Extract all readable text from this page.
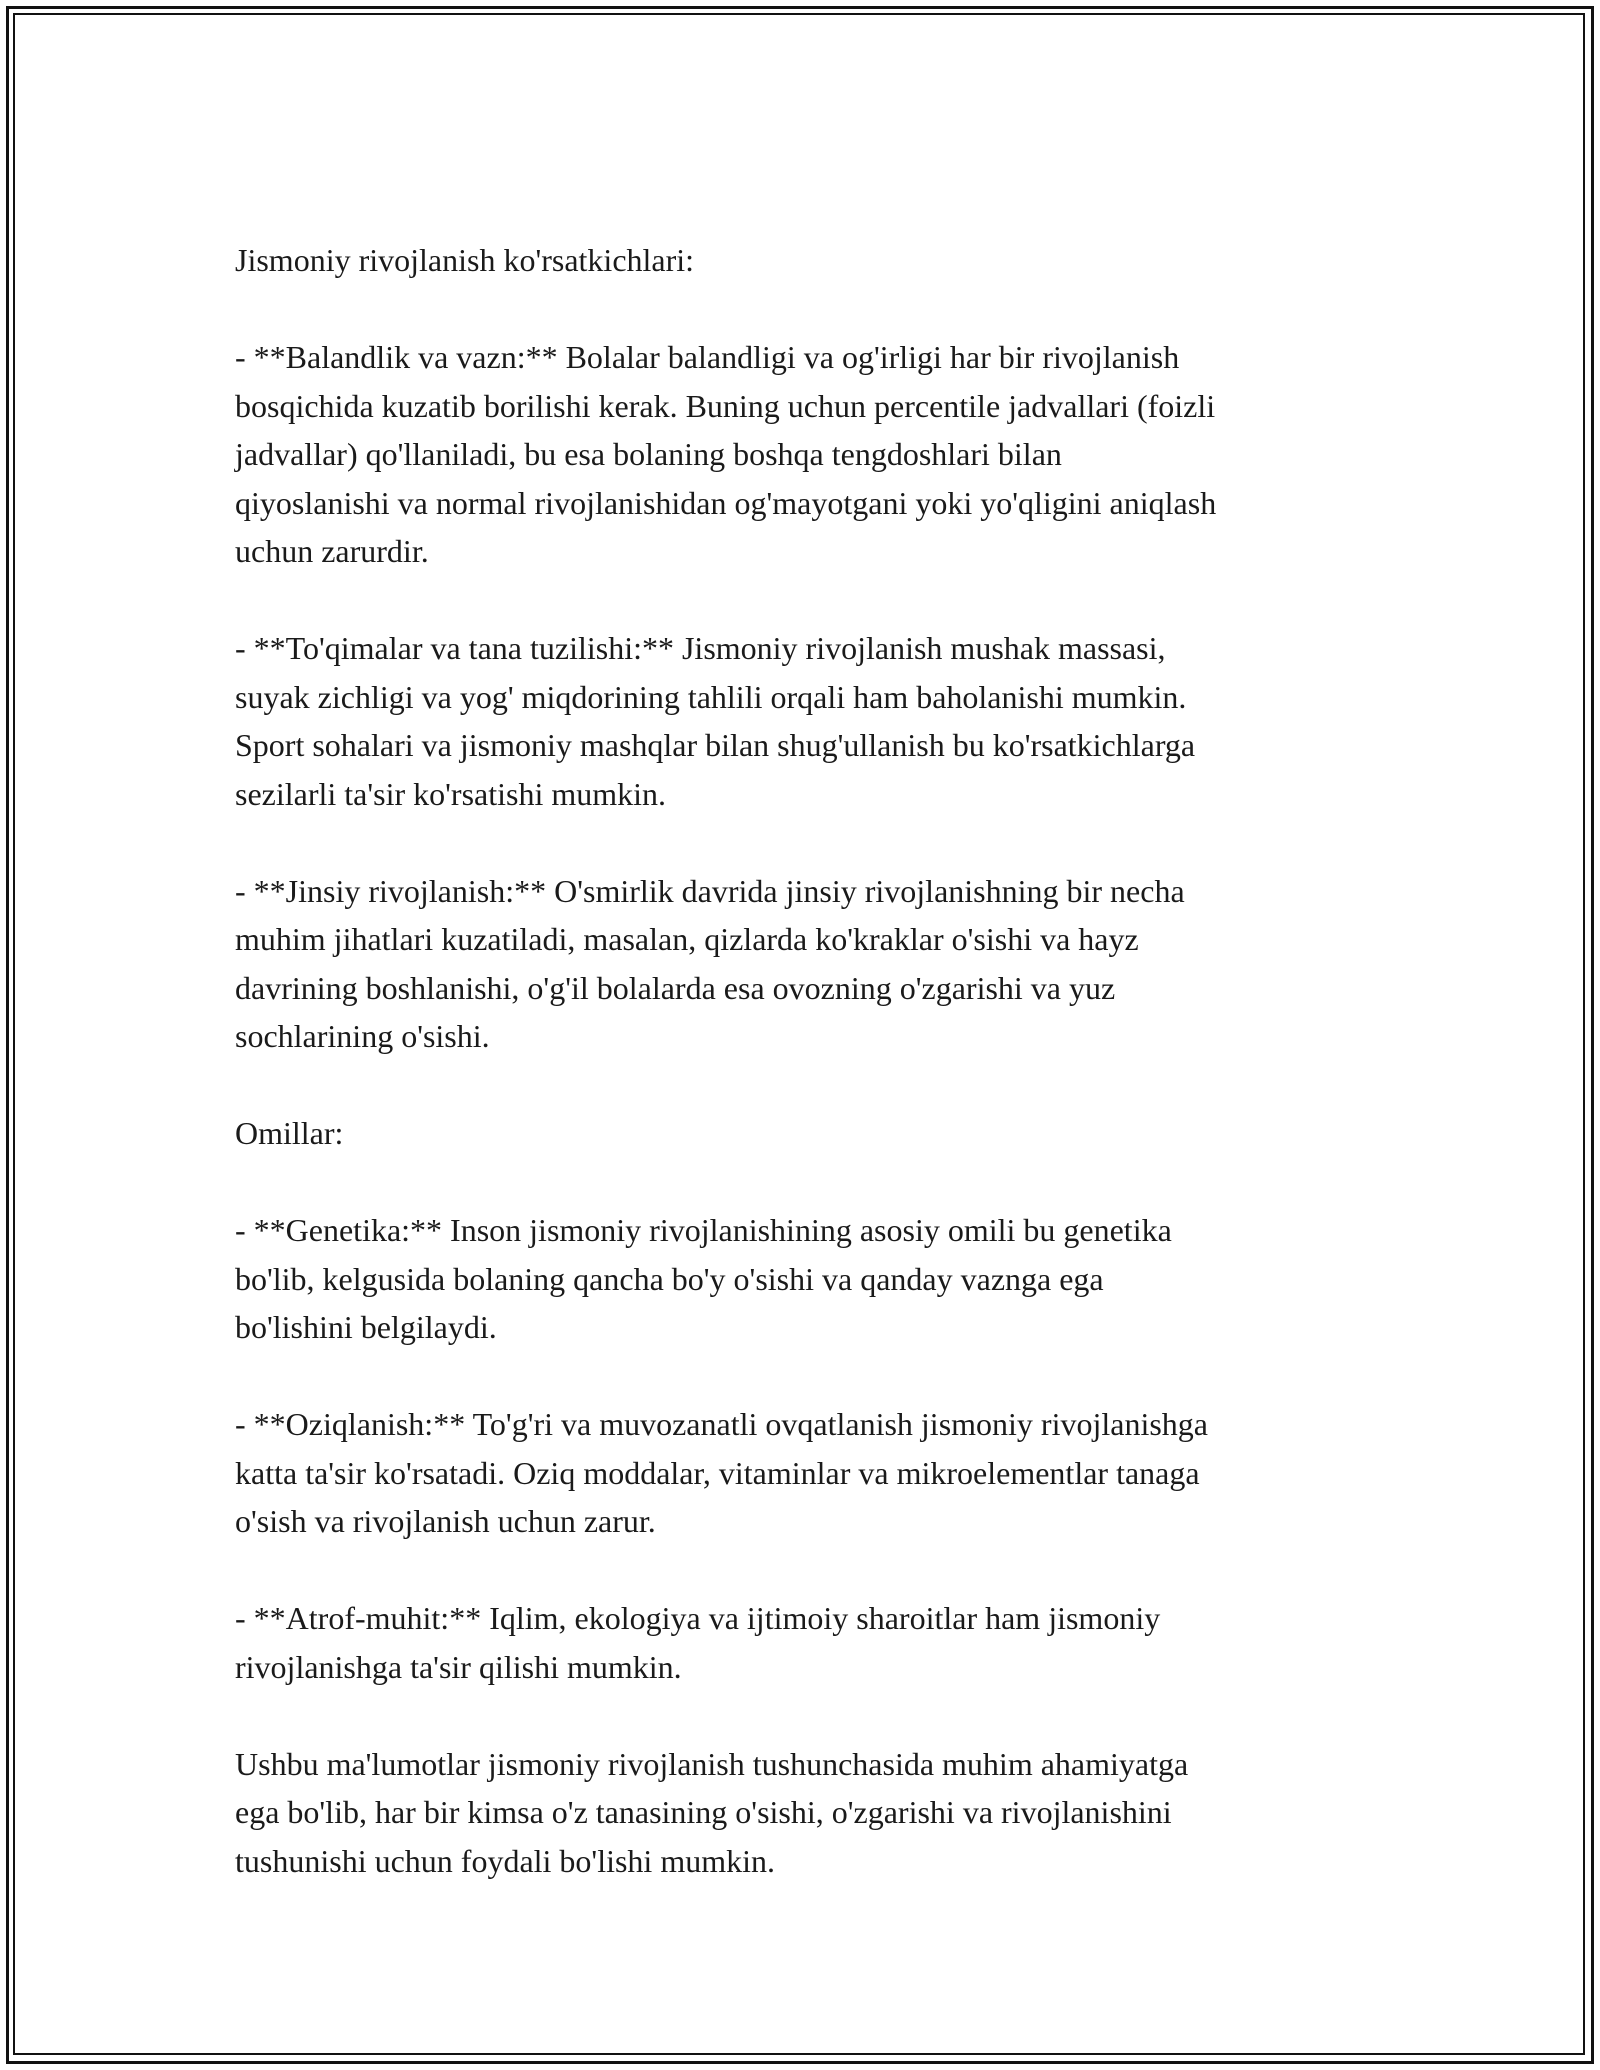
Jismoniy rivojlanish ko'rsatkichlari:

- **Balandlik va vazn:** Bolalar balandligi va og'irligi har bir rivojlanish
bosqichida kuzatib borilishi kerak. Buning uchun percentile jadvallari (foizli
jadvallar) qo'llaniladi, bu esa bolaning boshqa tengdoshlari bilan
qiyoslanishi va normal rivojlanishidan og'mayotgani yoki yo'qligini aniqlash
uchun zarurdir.

- **To'qimalar va tana tuzilishi:** Jismoniy rivojlanish mushak massasi,
suyak zichligi va yog' miqdorining tahlili orqali ham baholanishi mumkin.
Sport sohalari va jismoniy mashqlar bilan shug'ullanish bu ko'rsatkichlarga
sezilarli ta'sir ko'rsatishi mumkin.

- **Jinsiy rivojlanish:** O'smirlik davrida jinsiy rivojlanishning bir necha
muhim jihatlari kuzatiladi, masalan, qizlarda ko'kraklar o'sishi va hayz
davrining boshlanishi, o'g'il bolalarda esa ovozning o'zgarishi va yuz
sochlarining o'sishi.

Omillar:

- **Genetika:** Inson jismoniy rivojlanishining asosiy omili bu genetika
bo'lib, kelgusida bolaning qancha bo'y o'sishi va qanday vaznga ega
bo'lishini belgilaydi.

- **Oziqlanish:** To'g'ri va muvozanatli ovqatlanish jismoniy rivojlanishga
katta ta'sir ko'rsatadi. Oziq moddalar, vitaminlar va mikroelementlar tanaga
o'sish va rivojlanish uchun zarur.

- **Atrof-muhit:** Iqlim, ekologiya va ijtimoiy sharoitlar ham jismoniy
rivojlanishga ta'sir qilishi mumkin.

Ushbu ma'lumotlar jismoniy rivojlanish tushunchasida muhim ahamiyatga
ega bo'lib, har bir kimsa o'z tanasining o'sishi, o'zgarishi va rivojlanishini
tushunishi uchun foydali bo'lishi mumkin.
